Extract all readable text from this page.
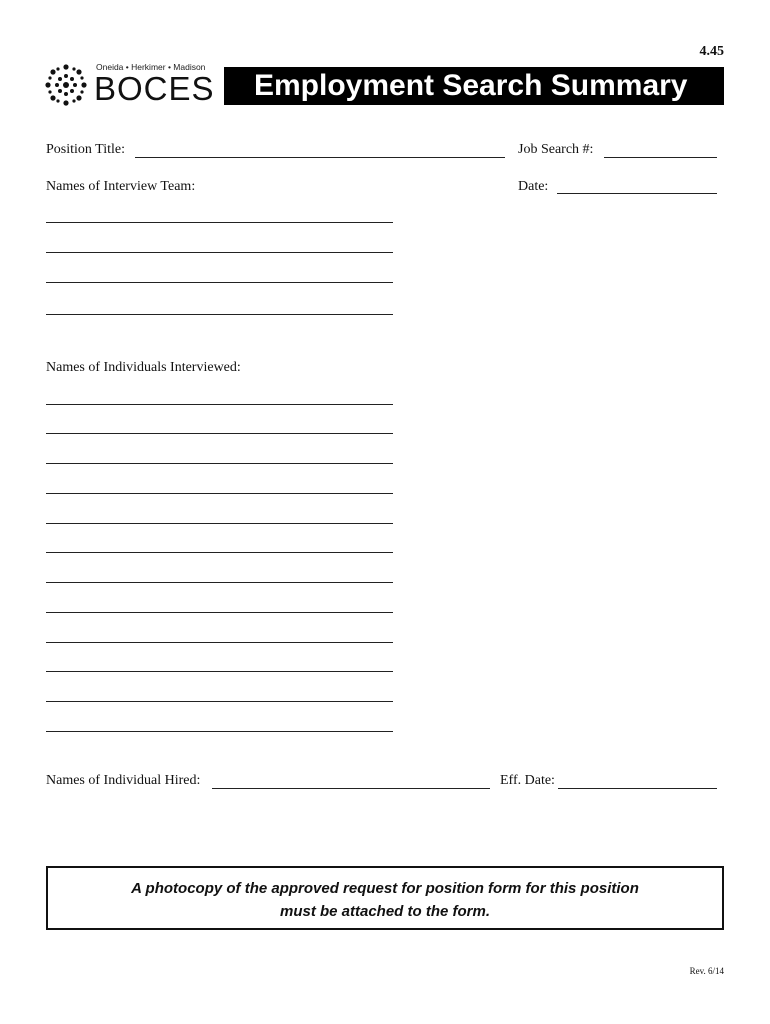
4.45
Oneida • Herkimer • Madison
BOCES	Employment Search Summary
Position Title:	Job Search #:
Names of Interview Team:	Date:
Names of Individuals Interviewed:
Names of Individual Hired:	Eff. Date:
A photocopy of the approved request for position form for this position
must be attached to the form.
Rev. 6/14
